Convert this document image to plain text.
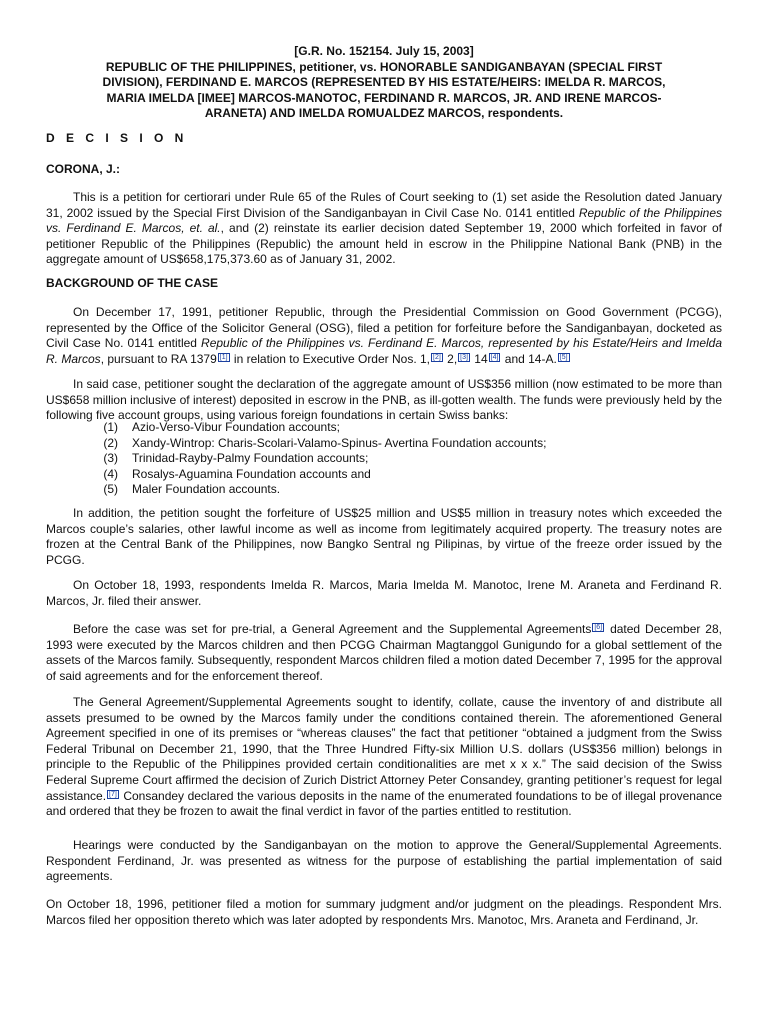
[G.R. No. 152154. July 15, 2003]
REPUBLIC OF THE PHILIPPINES, petitioner, vs. HONORABLE SANDIGANBAYAN (SPECIAL FIRST DIVISION), FERDINAND E. MARCOS (REPRESENTED BY HIS ESTATE/HEIRS: IMELDA R. MARCOS, MARIA IMELDA [IMEE] MARCOS-MANOTOC, FERDINAND R. MARCOS, JR. AND IRENE MARCOS-ARANETA) AND IMELDA ROMUALDEZ MARCOS, respondents.

D E C I S I O N

CORONA, J.:

This is a petition for certiorari under Rule 65 of the Rules of Court seeking to (1) set aside the Resolution dated January 31, 2002 issued by the Special First Division of the Sandiganbayan in Civil Case No. 0141 entitled Republic of the Philippines vs. Ferdinand E. Marcos, et. al., and (2) reinstate its earlier decision dated September 19, 2000 which forfeited in favor of petitioner Republic of the Philippines (Republic) the amount held in escrow in the Philippine National Bank (PNB) in the aggregate amount of US$658,175,373.60 as of January 31, 2002.

BACKGROUND OF THE CASE

On December 17, 1991, petitioner Republic, through the Presidential Commission on Good Government (PCGG), represented by the Office of the Solicitor General (OSG), filed a petition for forfeiture before the Sandiganbayan, docketed as Civil Case No. 0141 entitled Republic of the Philippines vs. Ferdinand E. Marcos, represented by his Estate/Heirs and Imelda R. Marcos, pursuant to RA 1379 [1] in relation to Executive Order Nos. 1, [2] 2, [3] 14 [4] and 14-A. [5]

In said case, petitioner sought the declaration of the aggregate amount of US$356 million (now estimated to be more than US$658 million inclusive of interest) deposited in escrow in the PNB, as ill-gotten wealth. The funds were previously held by the following five account groups, using various foreign foundations in certain Swiss banks:

(1)	Azio-Verso-Vibur Foundation accounts;
(2)	Xandy-Wintrop: Charis-Scolari-Valamo-Spinus- Avertina Foundation accounts;
(3)	Trinidad-Rayby-Palmy Foundation accounts;
(4)	Rosalys-Aguamina Foundation accounts and
(5)	Maler Foundation accounts.

In addition, the petition sought the forfeiture of US$25 million and US$5 million in treasury notes which exceeded the Marcos couple’s salaries, other lawful income as well as income from legitimately acquired property. The treasury notes are frozen at the Central Bank of the Philippines, now Bangko Sentral ng Pilipinas, by virtue of the freeze order issued by the PCGG.

On October 18, 1993, respondents Imelda R. Marcos, Maria Imelda M. Manotoc, Irene M. Araneta and Ferdinand R. Marcos, Jr. filed their answer.

Before the case was set for pre-trial, a General Agreement and the Supplemental Agreements [6] dated December 28, 1993 were executed by the Marcos children and then PCGG Chairman Magtanggol Gunigundo for a global settlement of the assets of the Marcos family. Subsequently, respondent Marcos children filed a motion dated December 7, 1995 for the approval of said agreements and for the enforcement thereof.

The General Agreement/Supplemental Agreements sought to identify, collate, cause the inventory of and distribute all assets presumed to be owned by the Marcos family under the conditions contained therein. The aforementioned General Agreement specified in one of its premises or “whereas clauses” the fact that petitioner “obtained a judgment from the Swiss Federal Tribunal on December 21, 1990, that the Three Hundred Fifty-six Million U.S. dollars (US$356 million) belongs in principle to the Republic of the Philippines provided certain conditionalities are met x x x.” The said decision of the Swiss Federal Supreme Court affirmed the decision of Zurich District Attorney Peter Consandey, granting petitioner’s request for legal assistance. [7] Consandey declared the various deposits in the name of the enumerated foundations to be of illegal provenance and ordered that they be frozen to await the final verdict in favor of the parties entitled to restitution.

Hearings were conducted by the Sandiganbayan on the motion to approve the General/Supplemental Agreements. Respondent Ferdinand, Jr. was presented as witness for the purpose of establishing the partial implementation of said agreements.

On October 18, 1996, petitioner filed a motion for summary judgment and/or judgment on the pleadings. Respondent Mrs. Marcos filed her opposition thereto which was later adopted by respondents Mrs. Manotoc, Mrs. Araneta and Ferdinand, Jr.
